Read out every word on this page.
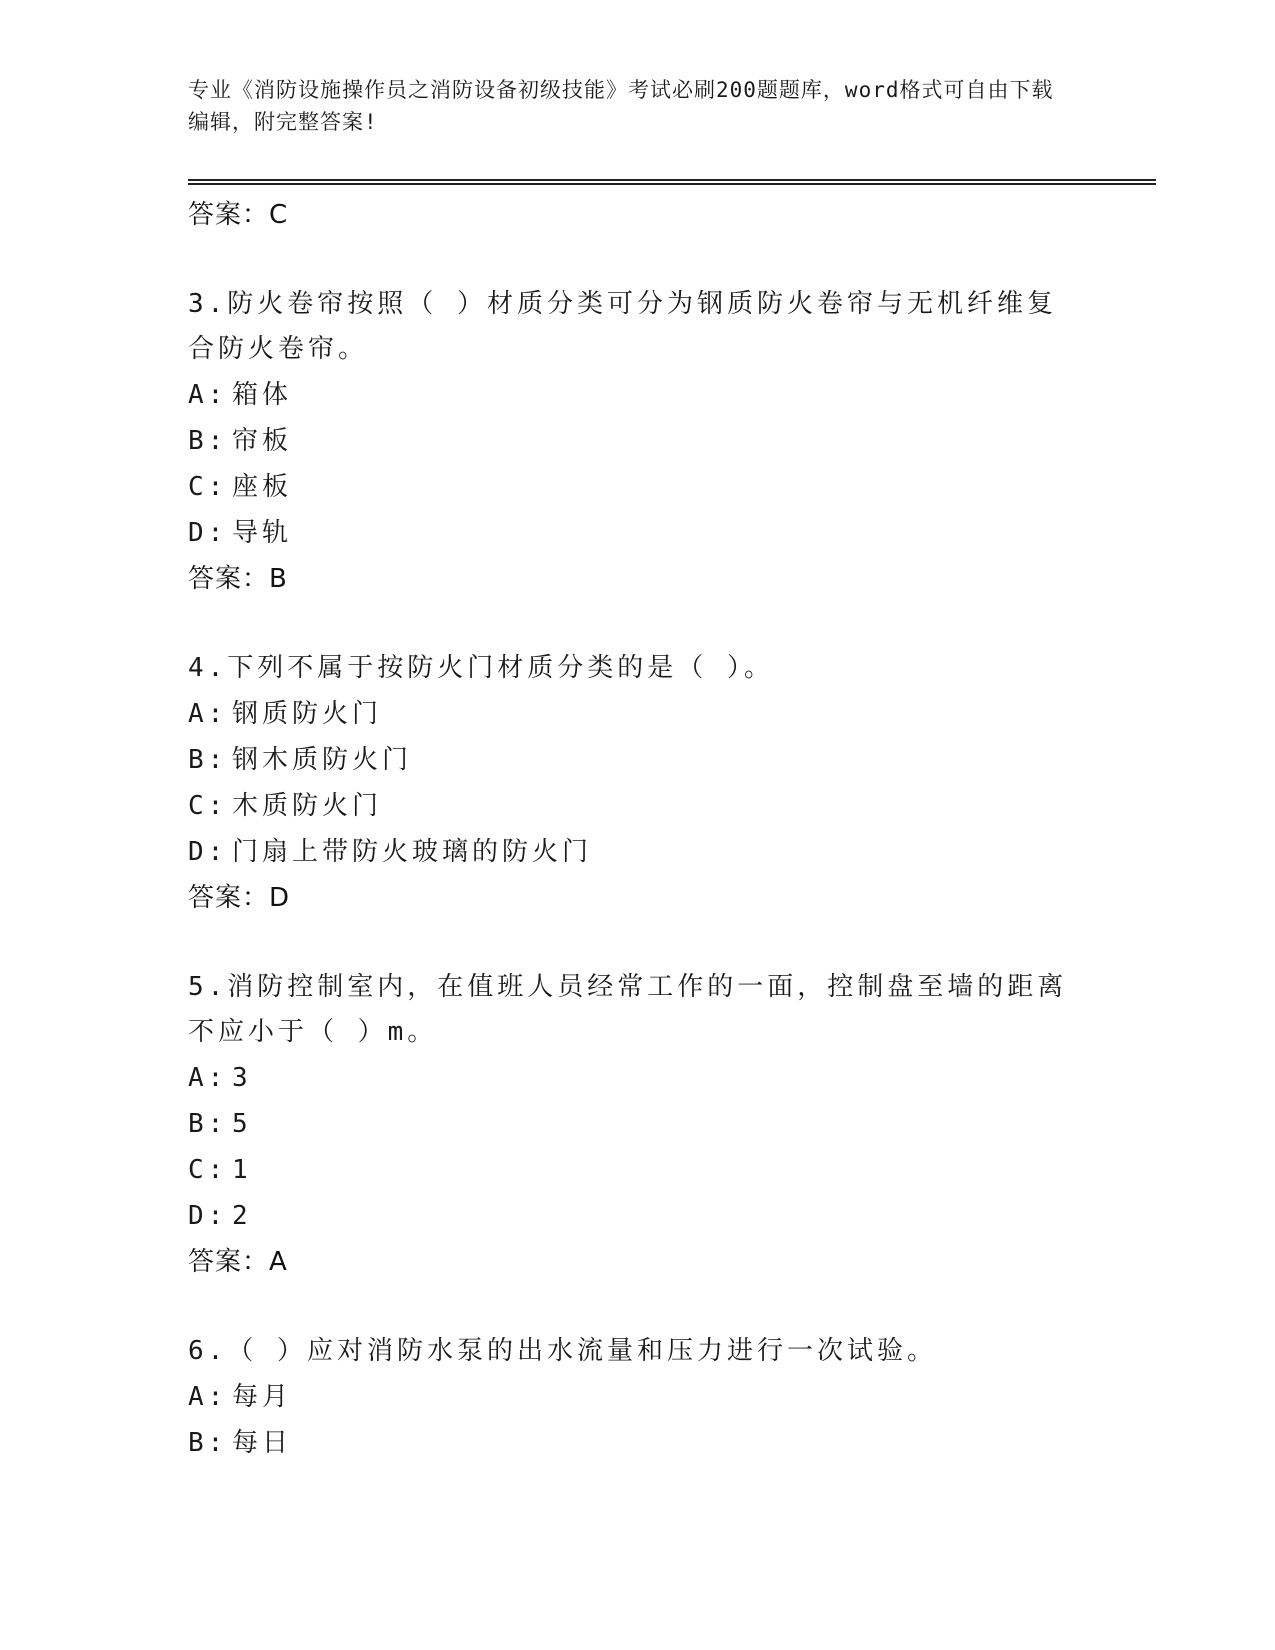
专业《消防设施操作员之消防设备初级技能》考试必刷200题题库，word格式可自由下载编辑，附完整答案!
答案：C
3.防火卷帘按照（ ）材质分类可分为钢质防火卷帘与无机纤维复合防火卷帘。
A: 箱体
B: 帘板
C: 座板
D: 导轨
答案：B
4.下列不属于按防火门材质分类的是（ ）。
A: 钢质防火门
B: 钢木质防火门
C: 木质防火门
D: 门扇上带防火玻璃的防火门
答案：D
5.消防控制室内，在值班人员经常工作的一面，控制盘至墙的距离不应小于（ ）m。
A: 3
B: 5
C: 1
D: 2
答案：A
6.（ ）应对消防水泵的出水流量和压力进行一次试验。
A: 每月
B: 每日
